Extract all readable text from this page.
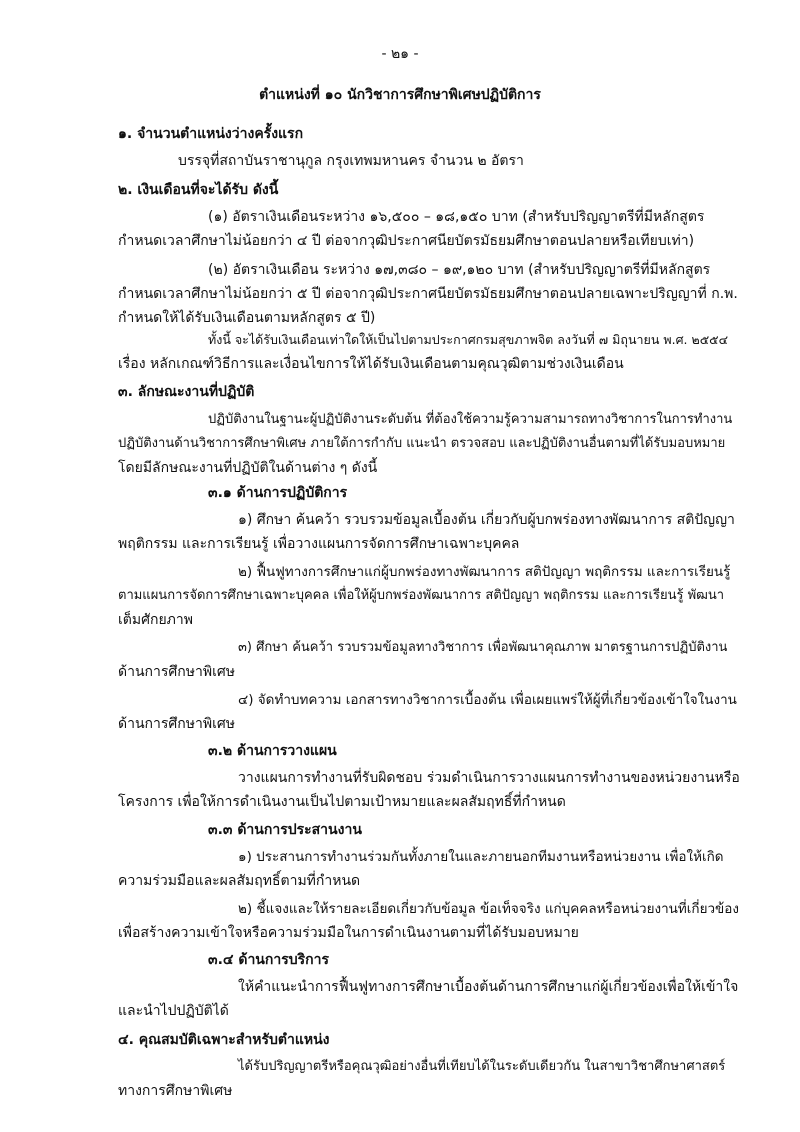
- ๒๑ -
ตำแหน่งที่ ๑๐ นักวิชาการศึกษาพิเศษปฏิบัติการ
๑. จำนวนตำแหน่งว่างครั้งแรก
บรรจุที่สถาบันราชานุกูล กรุงเทพมหานคร จำนวน ๒ อัตรา
๒. เงินเดือนที่จะได้รับ ดังนี้
(๑) อัตราเงินเดือนระหว่าง ๑๖,๕๐๐ – ๑๘,๑๕๐ บาท (สำหรับปริญญาตรีที่มีหลักสูตร
กำหนดเวลาศึกษาไม่น้อยกว่า ๔ ปี ต่อจากวุฒิประกาศนียบัตรมัธยมศึกษาตอนปลายหรือเทียบเท่า)
(๒) อัตราเงินเดือน ระหว่าง ๑๗,๓๘๐ – ๑๙,๑๒๐ บาท (สำหรับปริญญาตรีที่มีหลักสูตร
กำหนดเวลาศึกษาไม่น้อยกว่า ๕ ปี ต่อจากวุฒิประกาศนียบัตรมัธยมศึกษาตอนปลายเฉพาะปริญญาที่ ก.พ.
กำหนดให้ได้รับเงินเดือนตามหลักสูตร ๕ ปี)
ทั้งนี้ จะได้รับเงินเดือนเท่าใดให้เป็นไปตามประกาศกรมสุขภาพจิต ลงวันที่ ๗ มิถุนายน พ.ศ. ๒๕๕๔
เรื่อง หลักเกณฑ์วิธีการและเงื่อนไขการให้ได้รับเงินเดือนตามคุณวุฒิตามช่วงเงินเดือน
๓. ลักษณะงานที่ปฏิบัติ
ปฏิบัติงานในฐานะผู้ปฏิบัติงานระดับต้น ที่ต้องใช้ความรู้ความสามารถทางวิชาการในการทำงาน
ปฏิบัติงานด้านวิชาการศึกษาพิเศษ ภายใต้การกำกับ แนะนำ ตรวจสอบ และปฏิบัติงานอื่นตามที่ได้รับมอบหมาย
โดยมีลักษณะงานที่ปฏิบัติในด้านต่าง ๆ ดังนี้
๓.๑ ด้านการปฏิบัติการ
๑) ศึกษา ค้นคว้า รวบรวมข้อมูลเบื้องต้น เกี่ยวกับผู้บกพร่องทางพัฒนาการ สติปัญญา
พฤติกรรม และการเรียนรู้ เพื่อวางแผนการจัดการศึกษาเฉพาะบุคคล
๒) ฟื้นฟูทางการศึกษาแก่ผู้บกพร่องทางพัฒนาการ สติปัญญา พฤติกรรม และการเรียนรู้
ตามแผนการจัดการศึกษาเฉพาะบุคคล เพื่อให้ผู้บกพร่องพัฒนาการ สติปัญญา พฤติกรรม และการเรียนรู้ พัฒนา
เต็มศักยภาพ
๓) ศึกษา ค้นคว้า รวบรวมข้อมูลทางวิชาการ เพื่อพัฒนาคุณภาพ มาตรฐานการปฏิบัติงาน
ด้านการศึกษาพิเศษ
๔) จัดทำบทความ เอกสารทางวิชาการเบื้องต้น เพื่อเผยแพร่ให้ผู้ที่เกี่ยวข้องเข้าใจในงาน
ด้านการศึกษาพิเศษ
๓.๒ ด้านการวางแผน
วางแผนการทำงานที่รับผิดชอบ ร่วมดำเนินการวางแผนการทำงานของหน่วยงานหรือ
โครงการ เพื่อให้การดำเนินงานเป็นไปตามเป้าหมายและผลสัมฤทธิ์ที่กำหนด
๓.๓ ด้านการประสานงาน
๑) ประสานการทำงานร่วมกันทั้งภายในและภายนอกทีมงานหรือหน่วยงาน เพื่อให้เกิด
ความร่วมมือและผลสัมฤทธิ์ตามที่กำหนด
๒) ชี้แจงและให้รายละเอียดเกี่ยวกับข้อมูล ข้อเท็จจริง แก่บุคคลหรือหน่วยงานที่เกี่ยวข้อง
เพื่อสร้างความเข้าใจหรือความร่วมมือในการดำเนินงานตามที่ได้รับมอบหมาย
๓.๔ ด้านการบริการ
ให้คำแนะนำการฟื้นฟูทางการศึกษาเบื้องต้นด้านการศึกษาแก่ผู้เกี่ยวข้องเพื่อให้เข้าใจ
และนำไปปฏิบัติได้
๔. คุณสมบัติเฉพาะสำหรับตำแหน่ง
ได้รับปริญญาตรีหรือคุณวุฒิอย่างอื่นที่เทียบได้ในระดับเดียวกัน ในสาขาวิชาศึกษาศาสตร์
ทางการศึกษาพิเศษ
